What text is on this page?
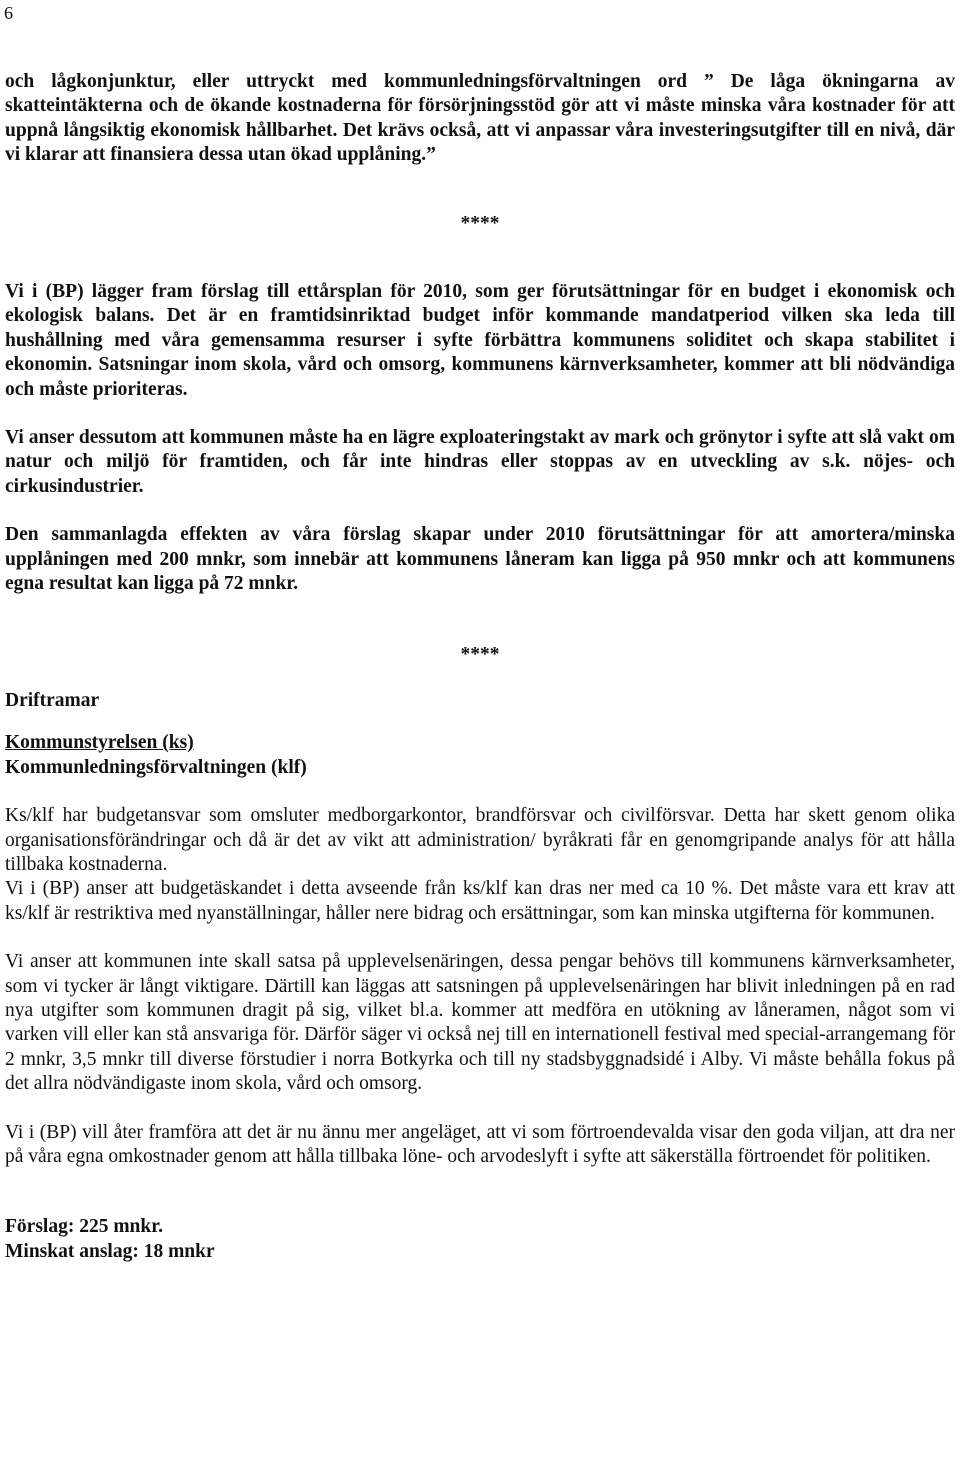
6

och lågkonjunktur, eller uttryckt med kommunledningsförvaltningen ord ” De låga ökningarna av skatteintäkterna och de ökande kostnaderna för försörjningsstöd gör att vi måste minska våra kostnader för att uppnå långsiktig ekonomisk hållbarhet. Det krävs också, att vi anpassar våra investeringsutgifter till en nivå, där vi klarar att finansiera dessa utan ökad upplåning.”

****

Vi i (BP) lägger fram förslag till ettårsplan för 2010, som ger förutsättningar för en budget i ekonomisk och ekologisk balans. Det är en framtidsinriktad budget inför kommande mandatperiod vilken ska leda till hushållning med våra gemensamma resurser i syfte förbättra kommunens soliditet och skapa stabilitet i ekonomin. Satsningar inom skola, vård och omsorg, kommunens kärnverksamheter, kommer att bli nödvändiga och måste prioriteras.

Vi anser dessutom att kommunen måste ha en lägre exploateringstakt av mark och grönytor i syfte att slå vakt om natur och miljö för framtiden, och får inte hindras eller stoppas av en utveckling av s.k. nöjes- och cirkusindustrier.

Den sammanlagda effekten av våra förslag skapar under 2010 förutsättningar för att amortera/minska upplåningen med 200 mnkr, som innebär att kommunens låneram kan ligga på 950 mnkr och att kommunens egna resultat kan ligga på 72 mnkr.

****

Driftramar

Kommunstyrelsen (ks)

Kommunledningsförvaltningen (klf)

Ks/klf har budgetansvar som omsluter medborgarkontor, brandförsvar och civilförsvar. Detta har skett genom olika organisationsförändringar och då är det av vikt att administration/ byråkrati får en genomgripande analys för att hålla tillbaka kostnaderna.

Vi i (BP) anser att budgetäskandet i detta avseende från ks/klf kan dras ner med ca 10 %. Det måste vara ett krav att ks/klf är restriktiva med nyanställningar, håller nere bidrag och ersättningar, som kan minska utgifterna för kommunen.

Vi anser att kommunen inte skall satsa på upplevelsenäringen, dessa pengar behövs till kommunens kärnverksamheter, som vi tycker är långt viktigare. Därtill kan läggas att satsningen på upplevelsenäringen har blivit inledningen på en rad nya utgifter som kommunen dragit på sig, vilket bl.a. kommer att medföra en utökning av låneramen, något som vi varken vill eller kan stå ansvariga för. Därför säger vi också nej till en internationell festival med special-arrangemang för 2 mnkr, 3,5 mnkr till diverse förstudier i norra Botkyrka och till ny stadsbyggnadsidé i Alby. Vi måste behålla fokus på det allra nödvändigaste inom skola, vård och omsorg.

Vi i (BP) vill åter framföra att det är nu ännu mer angeläget, att vi som förtroendevalda visar den goda viljan, att dra ner på våra egna omkostnader genom att hålla tillbaka löne- och arvodeslyft i syfte att säkerställa förtroendet för politiken.

Förslag: 225 mnkr.

Minskat anslag: 18 mnkr
